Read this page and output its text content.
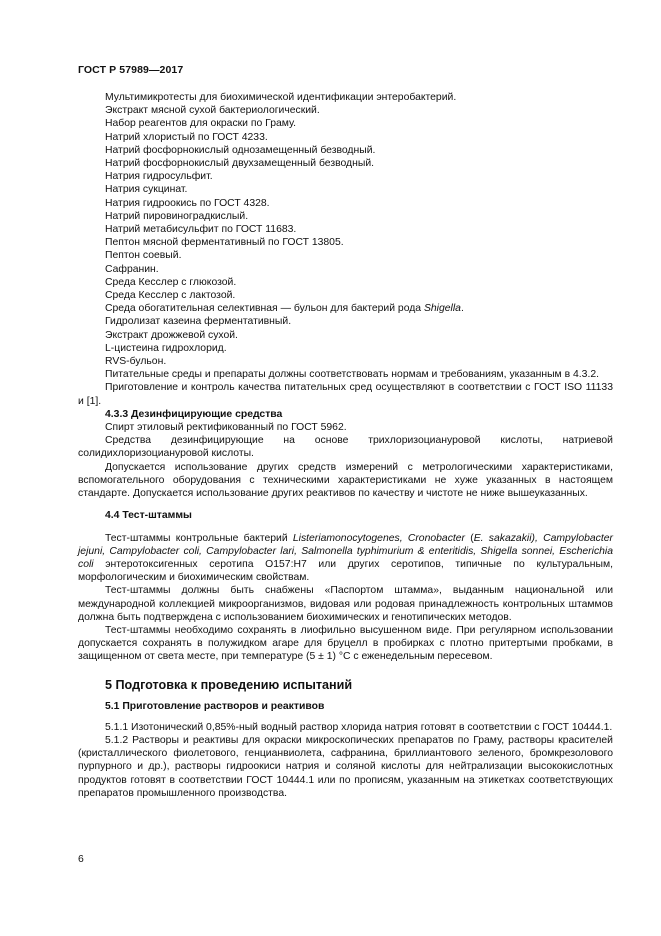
ГОСТ Р 57989—2017

Мультимикротесты для биохимической идентификации энтеробактерий.

Экстракт мясной сухой бактериологический.

Набор реагентов для окраски по Граму.

Натрий хлористый по ГОСТ 4233.

Натрий фосфорнокислый однозамещенный безводный.

Натрий фосфорнокислый двухзамещенный безводный.

Натрия гидросульфит.

Натрия сукцинат.

Натрия гидроокись по ГОСТ 4328.

Натрий пировиноградкислый.

Натрий метабисульфит по ГОСТ 11683.

Пептон мясной ферментативный по ГОСТ 13805.

Пептон соевый.

Сафранин.

Среда Кесслер с глюкозой.

Среда Кесслер с лактозой.

Среда обогатительная селективная — бульон для бактерий рода Shigella.

Гидролизат казеина ферментативный.

Экстракт дрожжевой сухой.

L-цистеина гидрохлорид.

RVS-бульон.

Питательные среды и препараты должны соответствовать нормам и требованиям, указанным в 4.3.2.

Приготовление и контроль качества питательных сред осуществляют в соответствии с ГОСТ ISO 11133 и [1].

4.3.3 Дезинфицирующие средства

Спирт этиловый ректификованный по ГОСТ 5962.

Средства дезинфицирующие на основе трихлоризоциануровой кислоты, натриевой солидихлоризоциануровой кислоты.

Допускается использование других средств измерений с метрологическими характеристиками, вспомогательного оборудования с техническими характеристиками не хуже указанных в настоящем стандарте. Допускается использование других реактивов по качеству и чистоте не ниже вышеуказанных.

4.4 Тест-штаммы

Тест-штаммы контрольные бактерий Listeriamonocytogenes, Cronobacter (E. sakazakii), Campylobacter jejuni, Campylobacter coli, Campylobacter lari, Salmonella typhimurium & enteritidis, Shigella sonnei, Escherichia coli энтеротоксигенных серотипа O157:H7 или других серотипов, типичные по культуральным, морфологическим и биохимическим свойствам.

Тест-штаммы должны быть снабжены «Паспортом штамма», выданным национальной или международной коллекцией микроорганизмов, видовая или родовая принадлежность контрольных штаммов должна быть подтверждена с использованием биохимических и генотипических методов.

Тест-штаммы необходимо сохранять в лиофильно высушенном виде. При регулярном использовании допускается сохранять в полужидком агаре для бруцелл в пробирках с плотно притертыми пробками, в защищенном от света месте, при температуре (5 ± 1) °С с еженедельным пересевом.

5 Подготовка к проведению испытаний

5.1 Приготовление растворов и реактивов

5.1.1 Изотонический 0,85%-ный водный раствор хлорида натрия готовят в соответствии с ГОСТ 10444.1.

5.1.2 Растворы и реактивы для окраски микроскопических препаратов по Граму, растворы красителей (кристаллического фиолетового, генцианвиолета, сафранина, бриллиантового зеленого, бромкрезолового пурпурного и др.), растворы гидроокиси натрия и соляной кислоты для нейтрализации высококислотных продуктов готовят в соответствии ГОСТ 10444.1 или по прописям, указанным на этикетках соответствующих препаратов промышленного производства.

6
